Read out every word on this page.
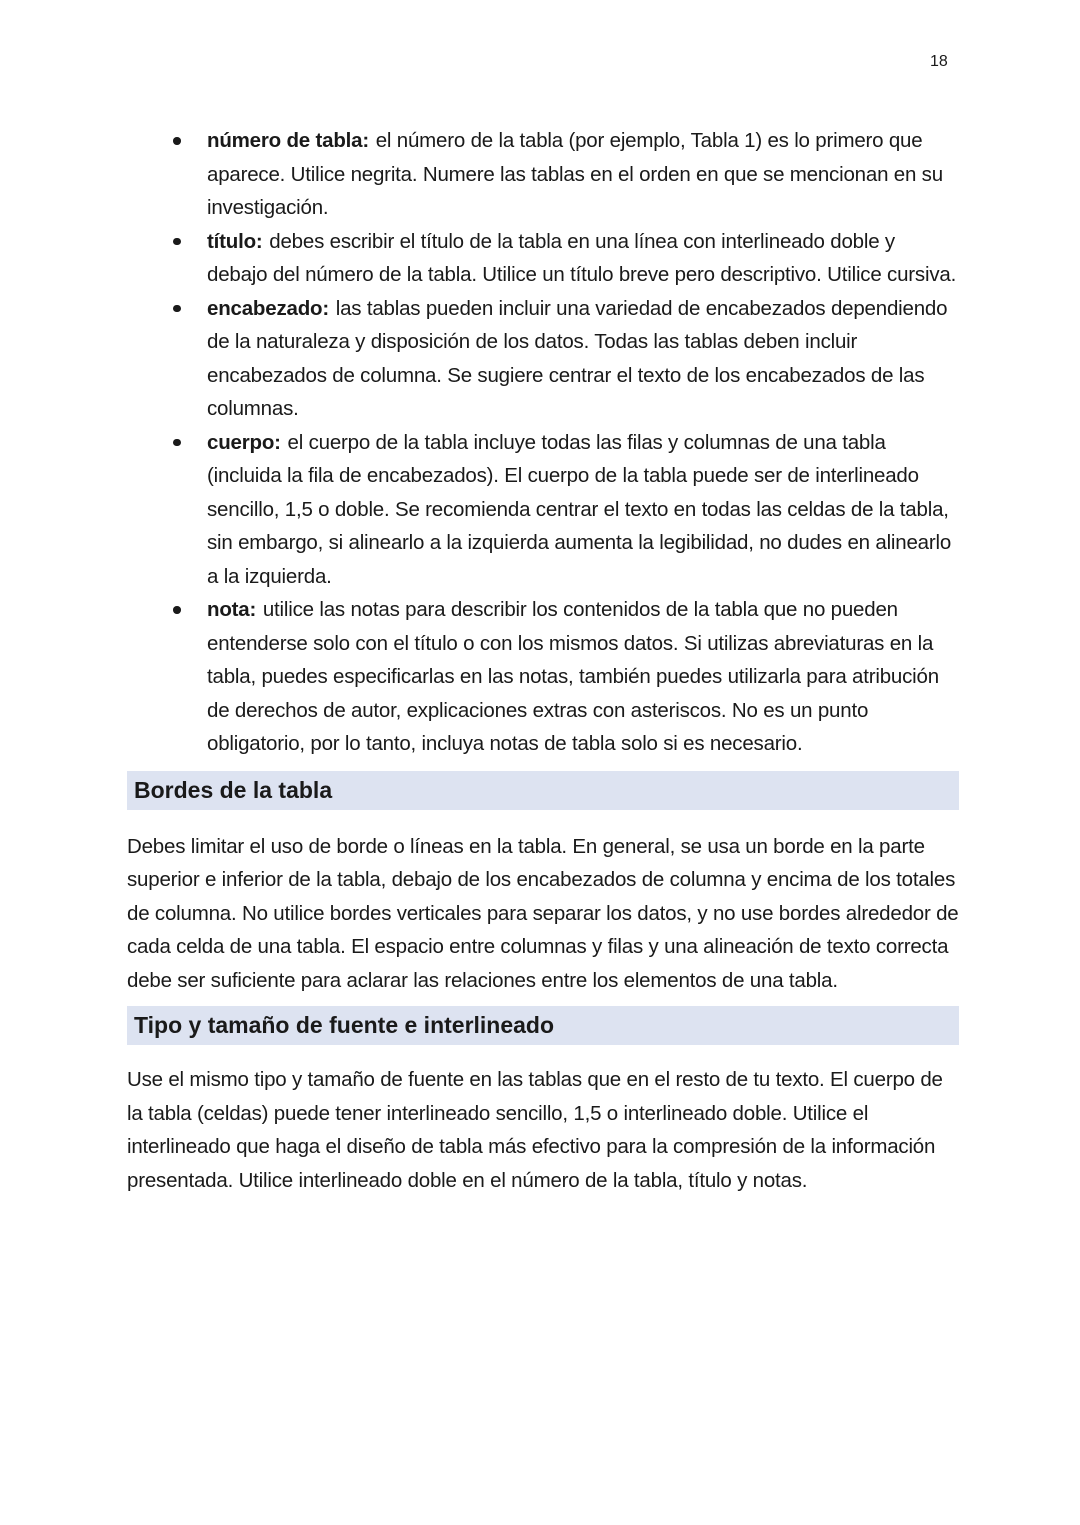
18
número de tabla: el número de la tabla (por ejemplo, Tabla 1) es lo primero que aparece. Utilice negrita. Numere las tablas en el orden en que se mencionan en su investigación.
título: debes escribir el título de la tabla en una línea con interlineado doble y debajo del número de la tabla. Utilice un título breve pero descriptivo. Utilice cursiva.
encabezado: las tablas pueden incluir una variedad de encabezados dependiendo de la naturaleza y disposición de los datos. Todas las tablas deben incluir encabezados de columna. Se sugiere centrar el texto de los encabezados de las columnas.
cuerpo: el cuerpo de la tabla incluye todas las filas y columnas de una tabla (incluida la fila de encabezados). El cuerpo de la tabla puede ser de interlineado sencillo, 1,5 o doble. Se recomienda centrar el texto en todas las celdas de la tabla, sin embargo, si alinearlo a la izquierda aumenta la legibilidad, no dudes en alinearlo a la izquierda.
nota: utilice las notas para describir los contenidos de la tabla que no pueden entenderse solo con el título o con los mismos datos. Si utilizas abreviaturas en la tabla, puedes especificarlas en las notas, también puedes utilizarla para atribución de derechos de autor, explicaciones extras con asteriscos. No es un punto obligatorio, por lo tanto, incluya notas de tabla solo si es necesario.
Bordes de la tabla

Debes limitar el uso de borde o líneas en la tabla. En general, se usa un borde en la parte superior e inferior de la tabla, debajo de los encabezados de columna y encima de los totales de columna. No utilice bordes verticales para separar los datos, y no use bordes alrededor de cada celda de una tabla. El espacio entre columnas y filas y una alineación de texto correcta debe ser suficiente para aclarar las relaciones entre los elementos de una tabla.

Tipo y tamaño de fuente e interlineado

Use el mismo tipo y tamaño de fuente en las tablas que en el resto de tu texto. El cuerpo de la tabla (celdas) puede tener interlineado sencillo, 1,5 o interlineado doble. Utilice el interlineado que haga el diseño de tabla más efectivo para la compresión de la información presentada. Utilice interlineado doble en el número de la tabla, título y notas.
